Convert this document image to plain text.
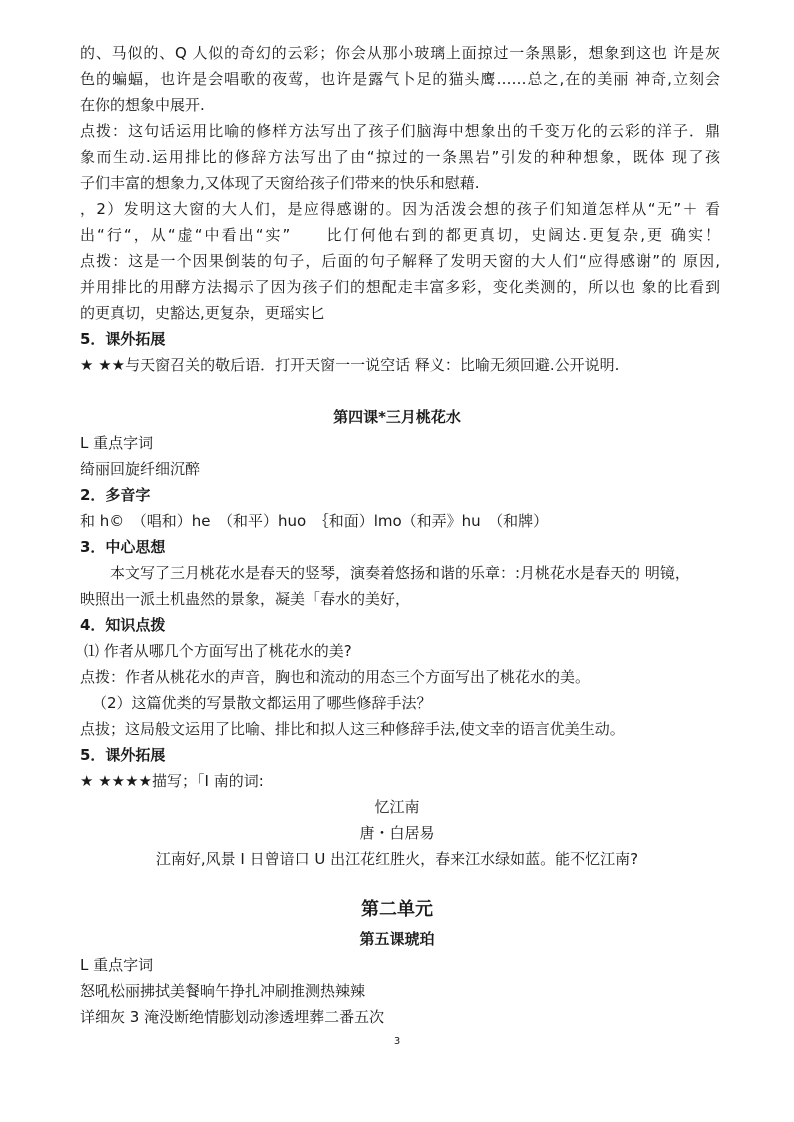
的、马似的、Q 人似的奇幻的云彩；你会从那小玻璃上面掠过一条黑影，想象到这也 许是灰
色的蝙蝠，也许是会唱歌的夜莺，也许是露气卜足的猫头鹰……总之,在的美丽 神奇,立刻会
在你的想象中展开.
点拨：这句话运用比喻的修样方法写出了孩子们脑海中想象出的千变万化的云彩的洋子．鼎
象而生动.运用排比的修辞方法写出了由“掠过的一条黑岩”引发的种种想象，既体 现了孩
子们丰富的想象力,又体现了天窗给孩子们带来的快乐和慰藉.
，2）发明这大窗的大人们，是应得感谢的。因为活泼会想的孩子们知道怎样从“无”＋ 看
出“行“，从“虚“中看出“实”　　比仃何他右到的都更真切，史阔达.更复杂,更 确实！
点拨：这是一个因果倒装的句子，后面的句子解释了发明天窗的大人们“应得感谢”的 原因,
并用排比的用酵方法揭示了因为孩子们的想配走丰富多彩，变化类测的，所以也 象的比看到
的更真切，史豁达,更复杂，更瑶实匕
5．课外拓展
★ ★★与天窗召关的敬后语．打开天窗一一说空话 释义：比喻无须回避.公开说明.
第四课*三月桃花水
L 重点字词
绮丽回旋纤细沉醉
2．多音字
和 h©　（唱和）he　（和平）huo　｛和面）lmo（和弄》hu　（和牌）
3．中心思想
本文写了三月桃花水是春天的竖琴，演奏着悠扬和谐的乐章：:月桃花水是春天的 明镜，
映照出一派土机蛊然的景象，凝美「春水的美好，
4．知识点拨
⑴ 作者从哪几个方面写出了桃花水的美?
点拨：作者从桃花水的声音，胸也和流动的用态三个方面写出了桃花水的美。
（2）这篇优类的写景散文都运用了哪些修辞手法？
点拔；这局般文运用了比喻、排比和拟人这三种修辞手法,使文幸的语言优美生动。
5．课外拓展
★ ★★★★描写；「I 南的词:
忆江南
唐・白居易
江南好,风景 I 日曾谙口 U 出江花红胜火，春来江水绿如蓝。能不忆江南?
第二单元
第五课琥珀
L 重点字词
怒吼松丽拂拭美餐晌午挣扎冲刷推测热辣辣
详细灰 3 淹没断绝情膨划动渗透埋葬二番五次
3
